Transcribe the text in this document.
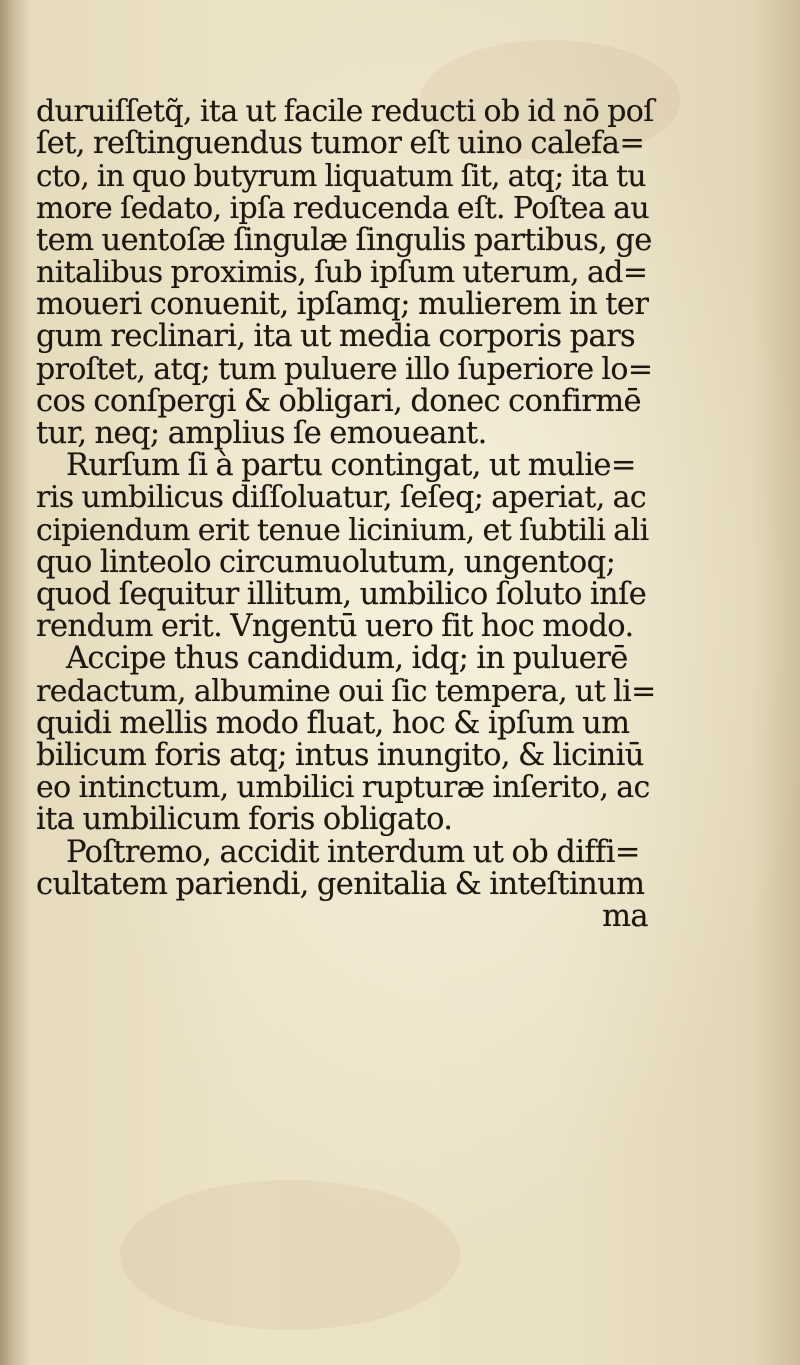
duruiſſetq̃, ita ut facile reducti ob id nō poſ
ſet, reſtinguendus tumor eſt uino calefa=
cto, in quo butyrum liquatum ſit, atq; ita tu
more ſedato, ipſa reducenda eſt. Poſtea au
tem uentoſæ ſingulæ ſingulis partibus, ge
nitalibus proximis, ſub ipſum uterum, ad=
moueri conuenit, ipſamq; mulierem in ter
gum reclinari, ita ut media corporis pars
proſtet, atq; tum puluere illo ſuperiore lo=
cos conſpergi & obligari, donec confirmē
tur, neq; amplius ſe emoueant.
Rurſum ſi à partu contingat, ut mulie=
ris umbilicus diſſoluatur, ſeſeq; aperiat, ac
cipiendum erit tenue licinium, et ſubtili ali
quo linteolo circumuolutum, ungentoq;
quod ſequitur illitum, umbilico ſoluto inſe
rendum erit. Vngentū uero fit hoc modo.
Accipe thus candidum, idq; in puluerē
redactum, albumine oui ſic tempera, ut li=
quidi mellis modo fluat, hoc & ipſum um
bilicum foris atq; intus inungito, & liciniū
eo intinctum, umbilici rupturæ inſerito, ac
ita umbilicum foris obligato.
Poſtremo, accidit interdum ut ob diffi=
cultatem pariendi, genitalia & inteſtinum
ma
